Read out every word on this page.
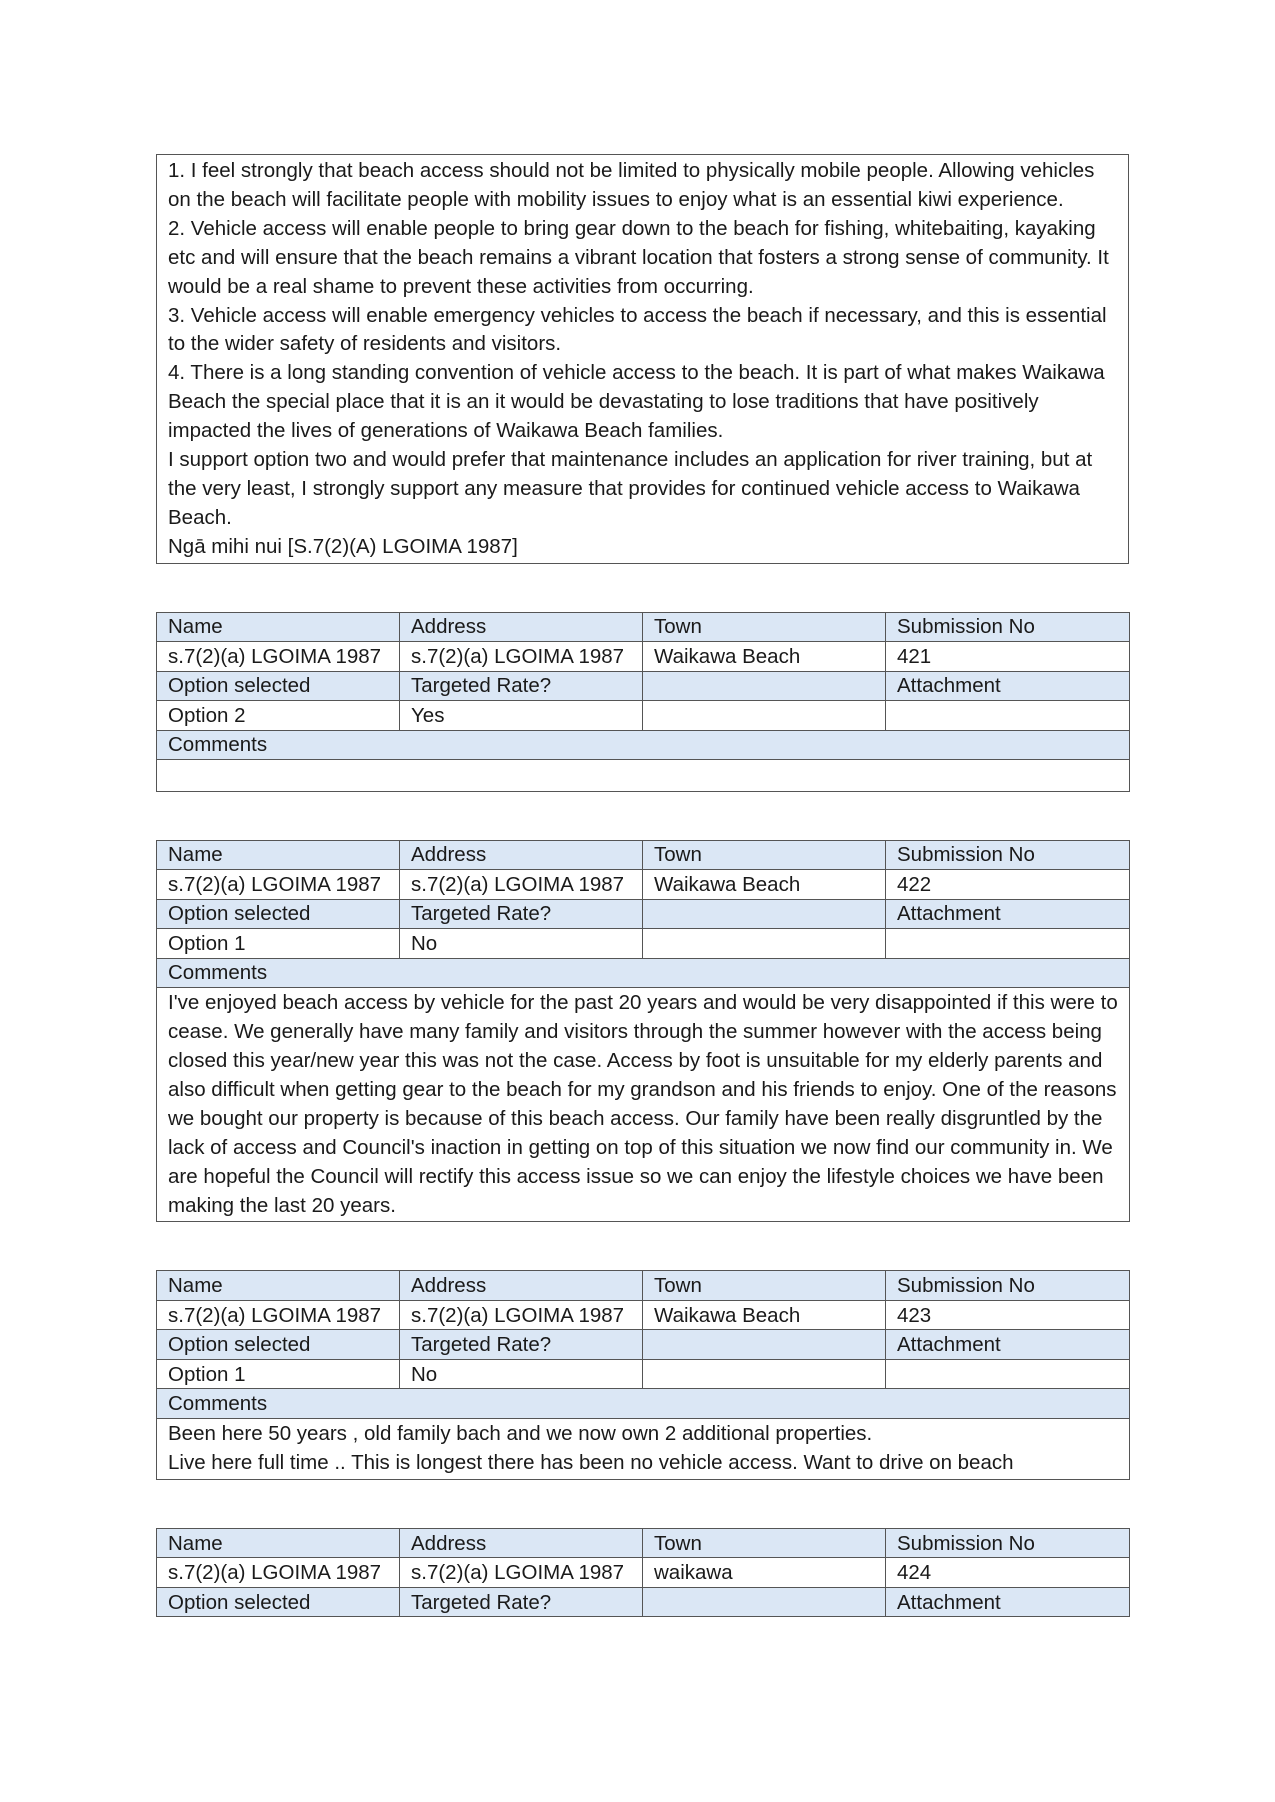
1. I feel strongly that beach access should not be limited to physically mobile people. Allowing vehicles on the beach will facilitate people with mobility issues to enjoy what is an essential kiwi experience.

2. Vehicle access will enable people to bring gear down to the beach for fishing, whitebaiting, kayaking etc and will ensure that the beach remains a vibrant location that fosters a strong sense of community. It would be a real shame to prevent these activities from occurring.

3. Vehicle access will enable emergency vehicles to access the beach if necessary, and this is essential to the wider safety of residents and visitors.

4. There is a long standing convention of vehicle access to the beach. It is part of what makes Waikawa Beach the special place that it is an it would be devastating to lose traditions that have positively impacted the lives of generations of Waikawa Beach families.

I support option two and would prefer that maintenance includes an application for river training, but at the very least, I strongly support any measure that provides for continued vehicle access to Waikawa Beach.

Ngā mihi nui [S.7(2)(A) LGOIMA 1987]

Name	Address	Town	Submission No
s.7(2)(a) LGOIMA 1987	s.7(2)(a) LGOIMA 1987	Waikawa Beach	421
Option selected	Targeted Rate?		Attachment
Option 2	Yes		
Comments			

Name	Address	Town	Submission No
s.7(2)(a) LGOIMA 1987	s.7(2)(a) LGOIMA 1987	Waikawa Beach	422
Option selected	Targeted Rate?		Attachment
Option 1	No		
Comments			

I've enjoyed beach access by vehicle for the past 20 years and would be very disappointed if this were to cease. We generally have many family and visitors through the summer however with the access being closed this year/new year this was not the case. Access by foot is unsuitable for my elderly parents and also difficult when getting gear to the beach for my grandson and his friends to enjoy. One of the reasons we bought our property is because of this beach access. Our family have been really disgruntled by the lack of access and Council's inaction in getting on top of this situation we now find our community in. We are hopeful the Council will rectify this access issue so we can enjoy the lifestyle choices we have been making the last 20 years.			
Name	Address	Town	Submission No
s.7(2)(a) LGOIMA 1987	s.7(2)(a) LGOIMA 1987	Waikawa Beach	423
Option selected	Targeted Rate?		Attachment
Option 1	No		
Comments			

Been here 50 years , old family bach and we now own 2 additional properties.
Live here full time .. This is longest there has been no vehicle access. Want to drive on beach			
Name	Address	Town	Submission No
s.7(2)(a) LGOIMA 1987	s.7(2)(a) LGOIMA 1987	waikawa	424
Option selected	Targeted Rate?		Attachment
